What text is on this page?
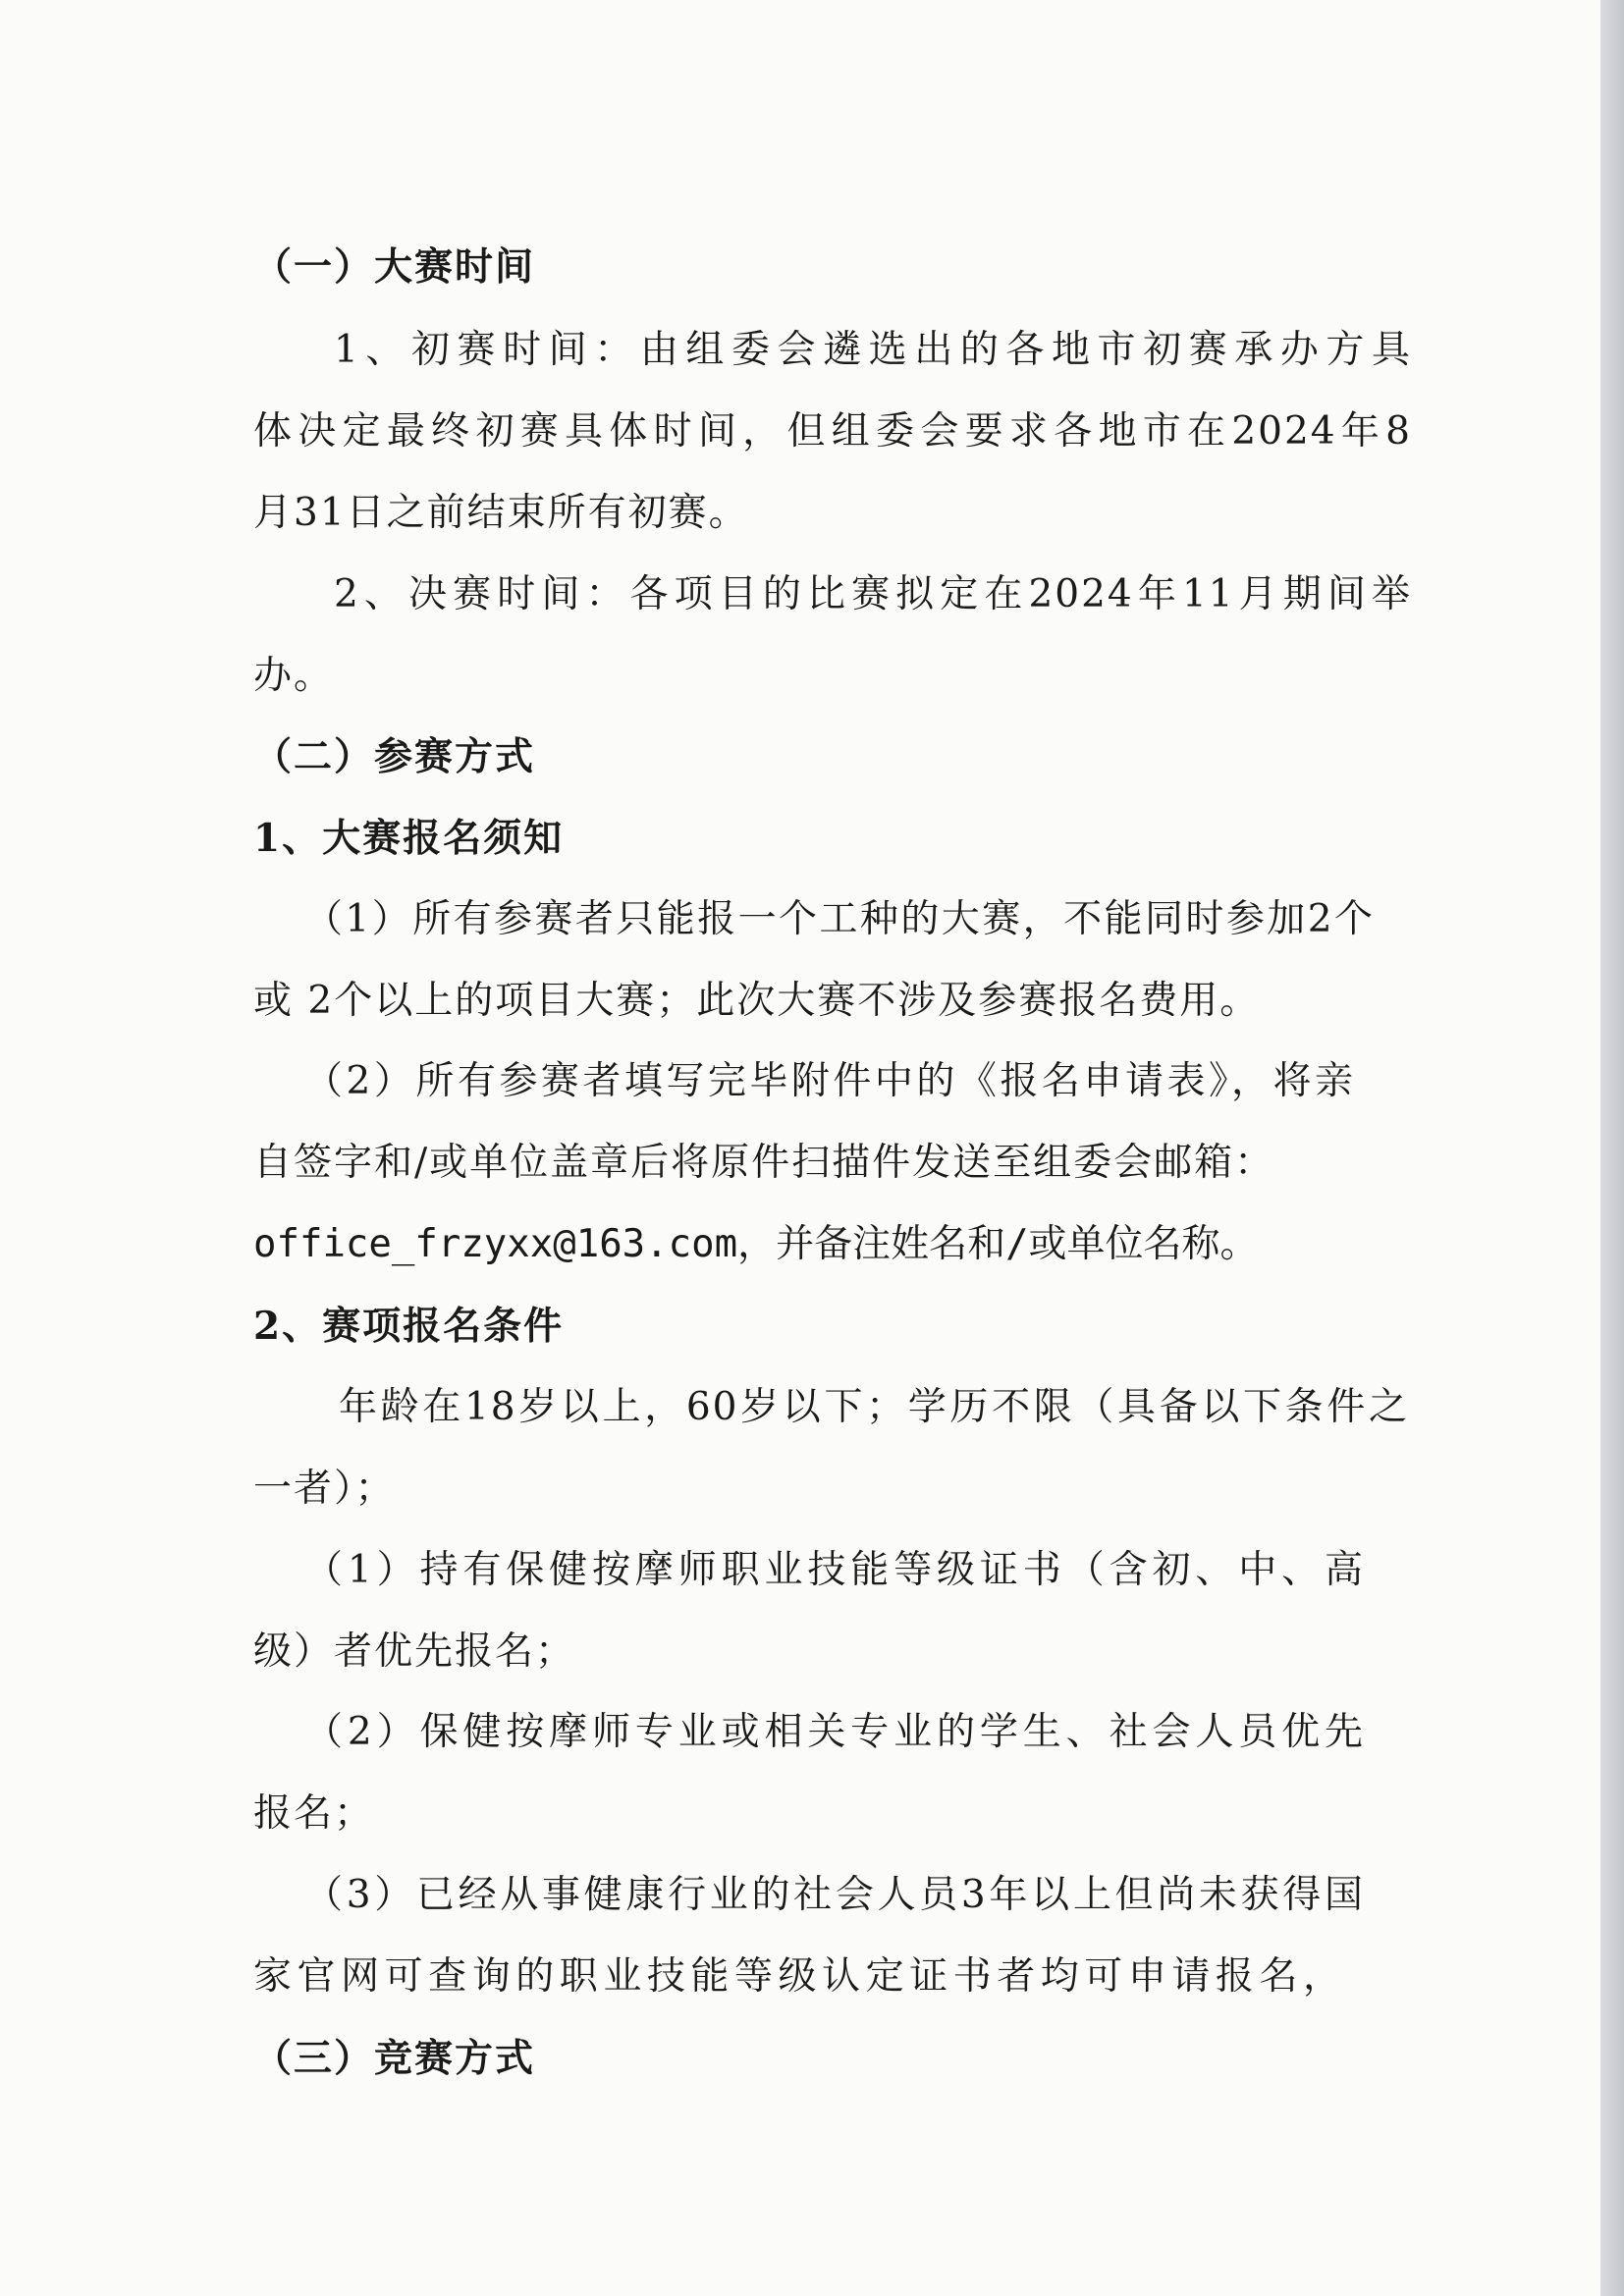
（一）大赛时间
1、初赛时间：由组委会遴选出的各地市初赛承办方具
体决定最终初赛具体时间，但组委会要求各地市在2024年8
月31日之前结束所有初赛。
2、决赛时间：各项目的比赛拟定在2024年11月期间举
办。
（二）参赛方式
1、大赛报名须知
（1）所有参赛者只能报一个工种的大赛，不能同时参加2个
或 2个以上的项目大赛；此次大赛不涉及参赛报名费用。
（2）所有参赛者填写完毕附件中的《报名申请表》，将亲
自签字和/或单位盖章后将原件扫描件发送至组委会邮箱：
office_frzyxx@163.com，并备注姓名和/或单位名称。
2、赛项报名条件
年龄在18岁以上，60岁以下；学历不限（具备以下条件之
一者）；
（1）持有保健按摩师职业技能等级证书（含初、中、高
级）者优先报名；
（2）保健按摩师专业或相关专业的学生、社会人员优先
报名；
（3）已经从事健康行业的社会人员3年以上但尚未获得国
家官网可查询的职业技能等级认定证书者均可申请报名，
（三）竞赛方式
